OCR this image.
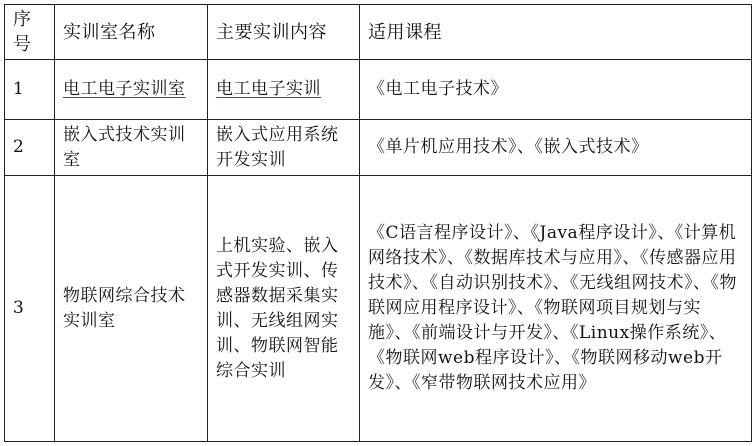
序号	实训室名称	主要实训内容	适用课程
1	电工电子实训室	电工电子实训	《电工电子技术》
2	嵌入式技术实训室	嵌入式应用系统开发实训	《单片机应用技术》、《嵌入式技术》
3	物联网综合技术实训室	上机实验、嵌入式开发实训、传感器数据采集实训、无线组网实训、物联网智能综合实训	《C语言程序设计》、《Java程序设计》、《计算机网络技术》、《数据库技术与应用》、《传感器应用技术》、《自动识别技术》、《无线组网技术》、《物联网应用程序设计》、《物联网项目规划与实施》、《前端设计与开发》、《Linux操作系统》、《物联网web程序设计》、《物联网移动web开发》、《窄带物联网技术应用》
